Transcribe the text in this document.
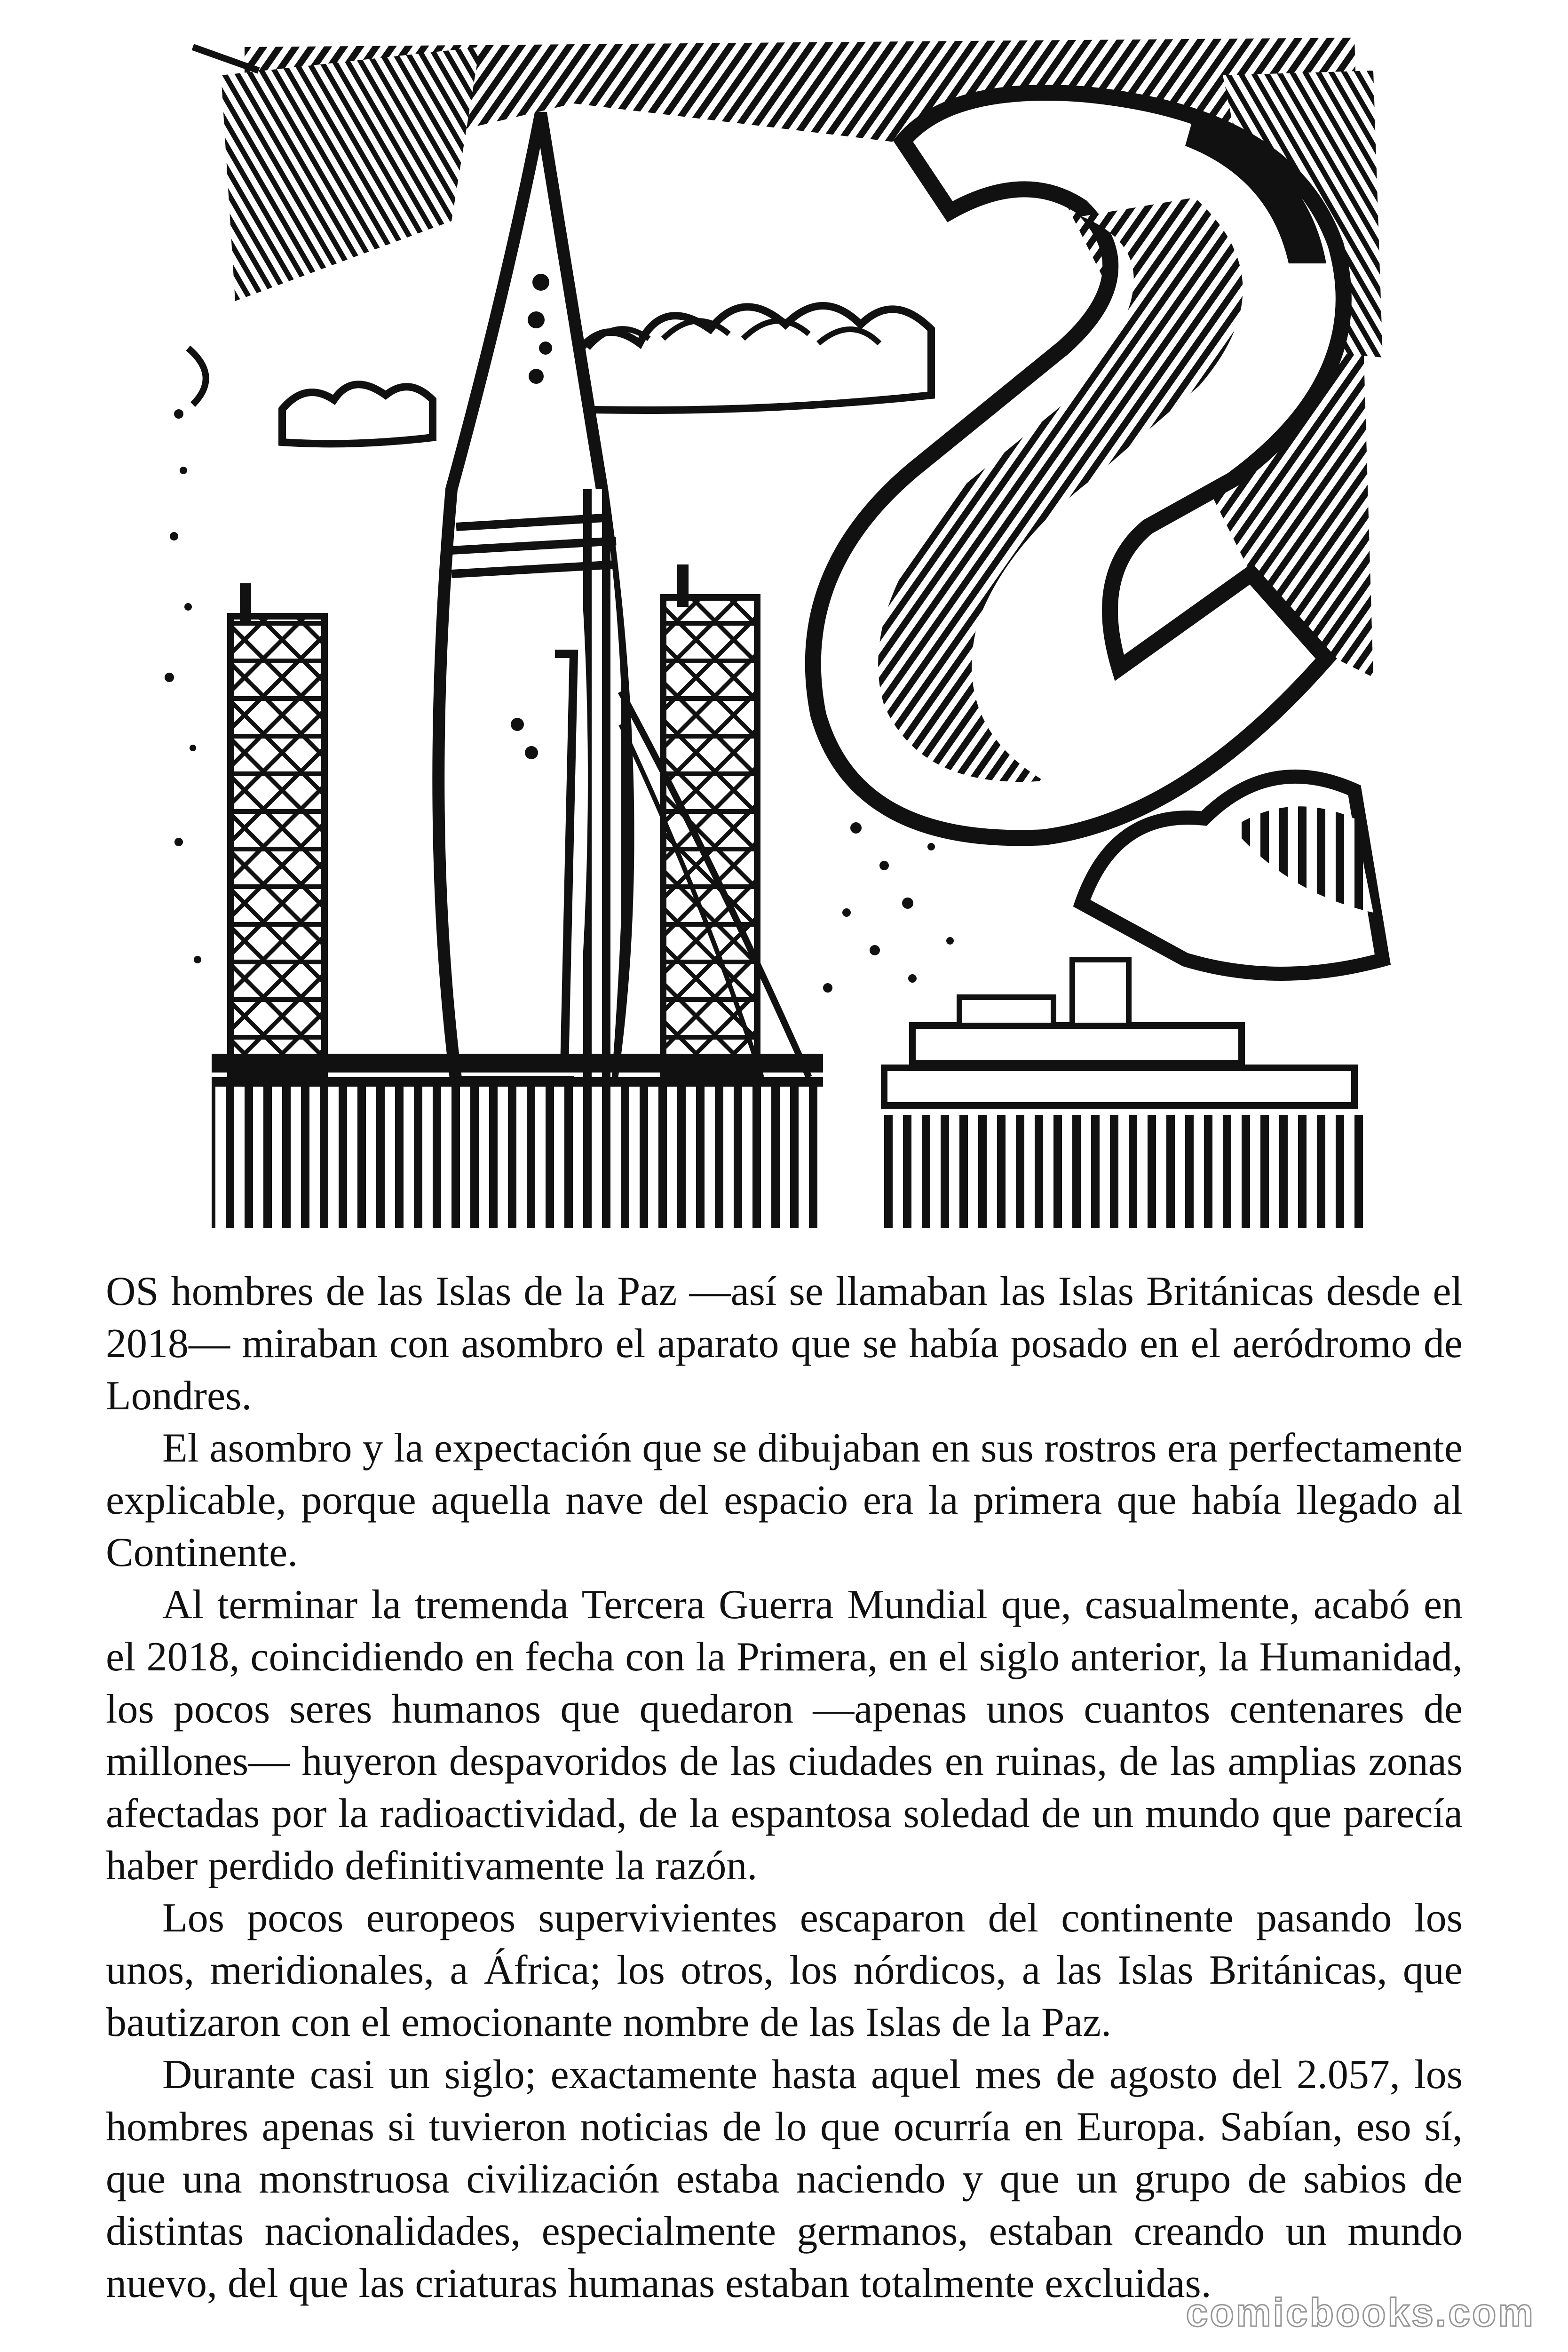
OS hombres de las Islas de la Paz —así se llamaban las Islas Británicas desde el 2018— miraban con asombro el aparato que se había posado en el aeródromo de Londres.

El asombro y la expectación que se dibujaban en sus rostros era perfectamente explicable, porque aquella nave del espacio era la primera que había llegado al Continente.

Al terminar la tremenda Tercera Guerra Mundial que, casualmente, acabó en el 2018, coincidiendo en fecha con la Primera, en el siglo anterior, la Humanidad, los pocos seres humanos que quedaron —apenas unos cuantos centenares de millones— huyeron despavoridos de las ciudades en ruinas, de las amplias zonas afectadas por la radioactividad, de la espantosa soledad de un mundo que parecía haber perdido definitivamente la razón.

Los pocos europeos supervivientes escaparon del continente pasando los unos, meridionales, a África; los otros, los nórdicos, a las Islas Británicas, que bautizaron con el emocionante nombre de las Islas de la Paz.

Durante casi un siglo; exactamente hasta aquel mes de agosto del 2.057, los hombres apenas si tuvieron noticias de lo que ocurría en Europa. Sabían, eso sí, que una monstruosa civilización estaba naciendo y que un grupo de sabios de distintas nacionalidades, especialmente germanos, estaban creando un mundo nuevo, del que las criaturas humanas estaban totalmente excluidas.

comicbooks.com
